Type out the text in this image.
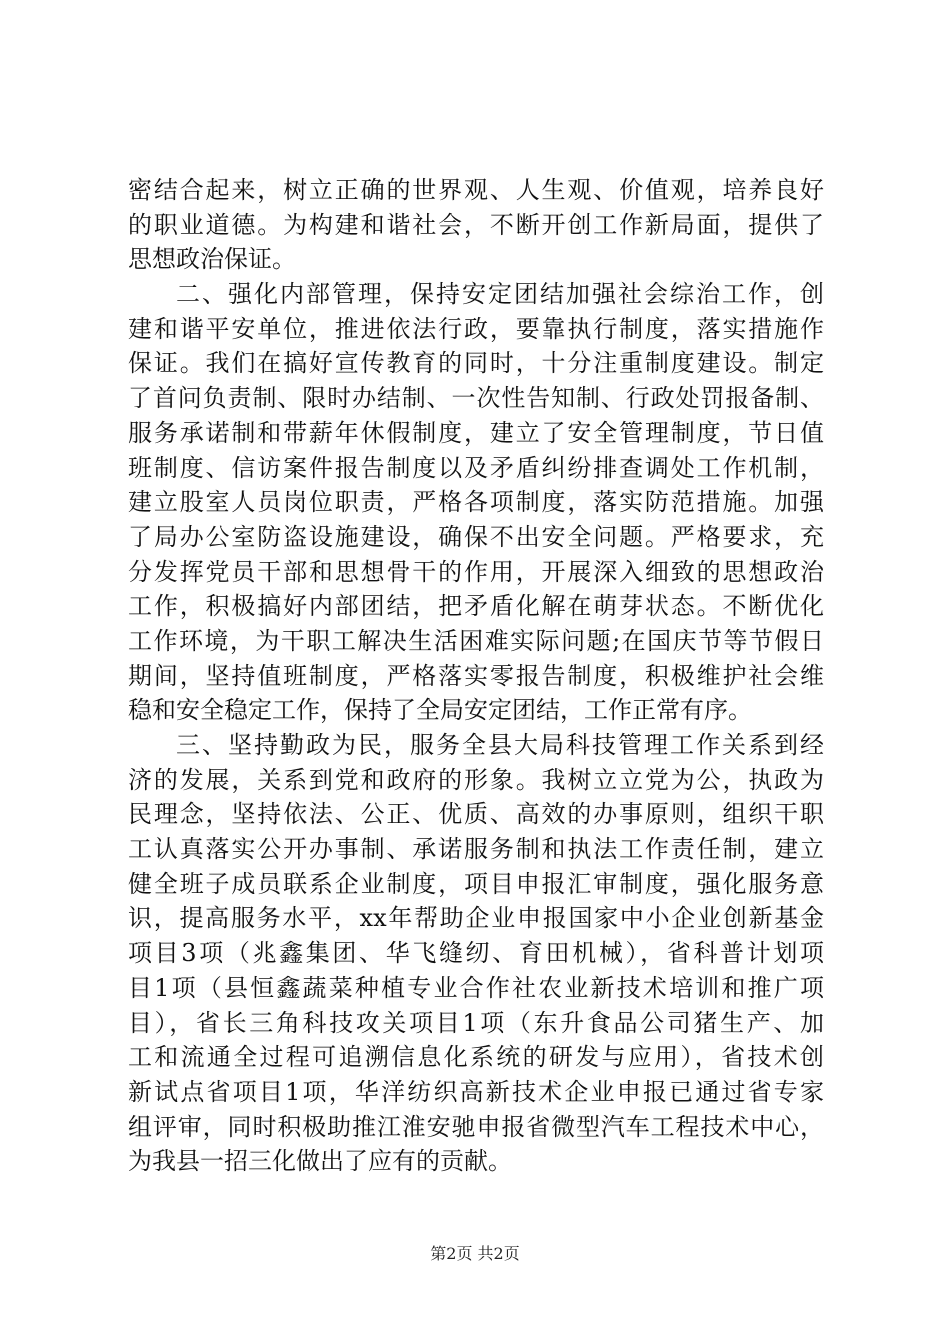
密结合起来，树立正确的世界观、人生观、价值观，培养良好
的职业道德。为构建和谐社会，不断开创工作新局面，提供了
思想政治保证。
二、强化内部管理，保持安定团结加强社会综治工作，创
建和谐平安单位，推进依法行政，要靠执行制度，落实措施作
保证。我们在搞好宣传教育的同时，十分注重制度建设。制定
了首问负责制、限时办结制、一次性告知制、行政处罚报备制、
服务承诺制和带薪年休假制度，建立了安全管理制度，节日值
班制度、信访案件报告制度以及矛盾纠纷排查调处工作机制，
建立股室人员岗位职责，严格各项制度，落实防范措施。加强
了局办公室防盗设施建设，确保不出安全问题。严格要求，充
分发挥党员干部和思想骨干的作用，开展深入细致的思想政治
工作，积极搞好内部团结，把矛盾化解在萌芽状态。不断优化
工作环境，为干职工解决生活困难实际问题;在国庆节等节假日
期间，坚持值班制度，严格落实零报告制度，积极维护社会维
稳和安全稳定工作，保持了全局安定团结，工作正常有序。
三、坚持勤政为民，服务全县大局科技管理工作关系到经
济的发展，关系到党和政府的形象。我树立立党为公，执政为
民理念，坚持依法、公正、优质、高效的办事原则，组织干职
工认真落实公开办事制、承诺服务制和执法工作责任制，建立
健全班子成员联系企业制度，项目申报汇审制度，强化服务意
识，提高服务水平，xx年帮助企业申报国家中小企业创新基金
项目3项（兆鑫集团、华飞缝纫、育田机械），省科普计划项
目1项（县恒鑫蔬菜种植专业合作社农业新技术培训和推广项
目），省长三角科技攻关项目1项（东升食品公司猪生产、加
工和流通全过程可追溯信息化系统的研发与应用），省技术创
新试点省项目1项，华洋纺织高新技术企业申报已通过省专家
组评审，同时积极助推江淮安驰申报省微型汽车工程技术中心，
为我县一招三化做出了应有的贡献。
第2页 共2页
